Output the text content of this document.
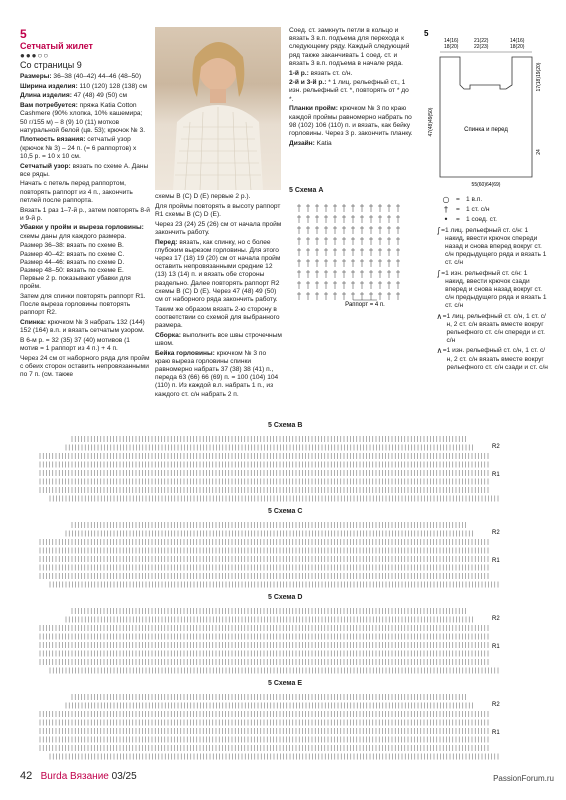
5
Сетчатый жилет
●●●○○
Со страницы 9

Размеры: 36–38 (40–42) 44–46 (48–50)

Ширина изделия: 110 (120) 128 (138) см

Длина изделия: 47 (48) 49 (50) см

Вам потребуется: пряжа Katia Cotton Cashmere (90% хлопка, 10% кашемира; 50 г/155 м) – 8 (9) 10 (11) мотков натуральной белой (цв. 53); крючок № 3.

Плотность вязания: сетчатый узор (крючок № 3) – 24 п. (= 6 раппортов) x 10,5 р. = 10 x 10 см.

Сетчатый узор: вязать по схеме A. Даны все ряды.

Начать с петель перед раппортом, повторять раппорт из 4 п., закончить петлей после раппорта.

Вязать 1 раз 1–7-й р., затем повторять 8-й и 9-й р.

Убавки у пройм и выреза горловины: схемы даны для каждого размера.

Размер 36–38: вязать по схеме B.

Размер 40–42: вязать по схеме C.

Размер 44–46: вязать по схеме D.

Размер 48–50: вязать по схеме E.

Первые 2 р. показывают убавки для пройм.

Затем для спинки повторять раппорт R1. После выреза горловины повторять раппорт R2.

Спинка: крючком № 3 набрать 132 (144) 152 (164) в.п. и вязать сетчатым узором.

В 6-м р. = 32 (35) 37 (40) мотивов (1 мотив = 1 раппорт из 4 п.) + 4 п.

Через 24 см от наборного ряда для пройм с обеих сторон оставить непровязанными по 7 п. (см. также

схемы B (C) D (E) первые 2 р.).

Для проймы повторять в высоту раппорт R1 схемы B (C) D (E).

Через 23 (24) 25 (26) см от начала пройм закончить работу.

Перед: вязать, как спинку, но с более глубоким вырезом горловины. Для этого через 17 (18) 19 (20) см от начала пройм оставить непровязанными средние 12 (13) 13 (14) п. и вязать обе стороны раздельно. Далее повторять раппорт R2 схемы B (C) D (E). Через 47 (48) 49 (50) см от наборного ряда закончить работу.

Таким же образом вязать 2-ю сторону в соответствии со схемой для выбранного размера.

Сборка: выполнить все швы строчечным швом.

Бейка горловины: крючком № 3 по краю выреза горловины спинки равномерно набрать 37 (38) 38 (41) п., переда 63 (66) 66 (69) п. = 100 (104) 104 (110) п. Из каждой в.п. набрать 1 п., из каждого ст. с/н набрать 2 п.

Соед. ст. замкнуть петли в кольцо и вязать 3 в.п. подъема для перехода к следующему ряду. Каждый следующий ряд также заканчивать 1 соед. ст. и вязать 3 в.п. подъема в начале ряда.

1-й р.: вязать ст. с/н.

2-й и 3-й р.: * 1 лиц. рельефный ст., 1 изн. рельефный ст. *, повторять от * до *.

Планки пройм: крючком № 3 по краю каждой проймы равномерно набрать по 98 (102) 106 (110) п. и вязать, как бейку горловины. Через 3 р. закончить планку.

Дизайн: Katia

5
14(16)
18(20)
21(22)
22(23)
14(16)
18(20)
Спинка и перед
55(60)64(69)
47(48)49(50)
17(18)19(20)
24
5 Схема А
Раппорт = 4 п.
○ = 1 в.п.
†	= 1 ст. с/н
•	= 1 соед. ст.
∫ = 1 лиц. рельефный ст. с/н: 1 накид, ввести крючок спереди назад и снова вперед вокруг ст. с/н предыдущего ряда и вязать 1 ст. с/н
∫ = 1 изн. рельефный ст. с/н: 1 накид, ввести крючок сзади вперед и снова назад вокруг ст. с/н предыдущего ряда и вязать 1 ст. с/н
∧ = 1 лиц. рельефный ст. с/н, 1 ст. с/н, 2 ст. с/н вязать вместе вокруг рельефного ст. с/н спереди и ст. с/н
∧ = 1 изн. рельефный ст. с/н, 1 ст. с/н, 2 ст. с/н вязать вместе вокруг рельефного ст. с/н сзади и ст. с/н
5 Схема B
R2
R1
5 Схема C
R2
R1
5 Схема D
R2
R1
5 Схема E
R2
R1
42 Burda Вязание 03/25	PassionForum.ru
